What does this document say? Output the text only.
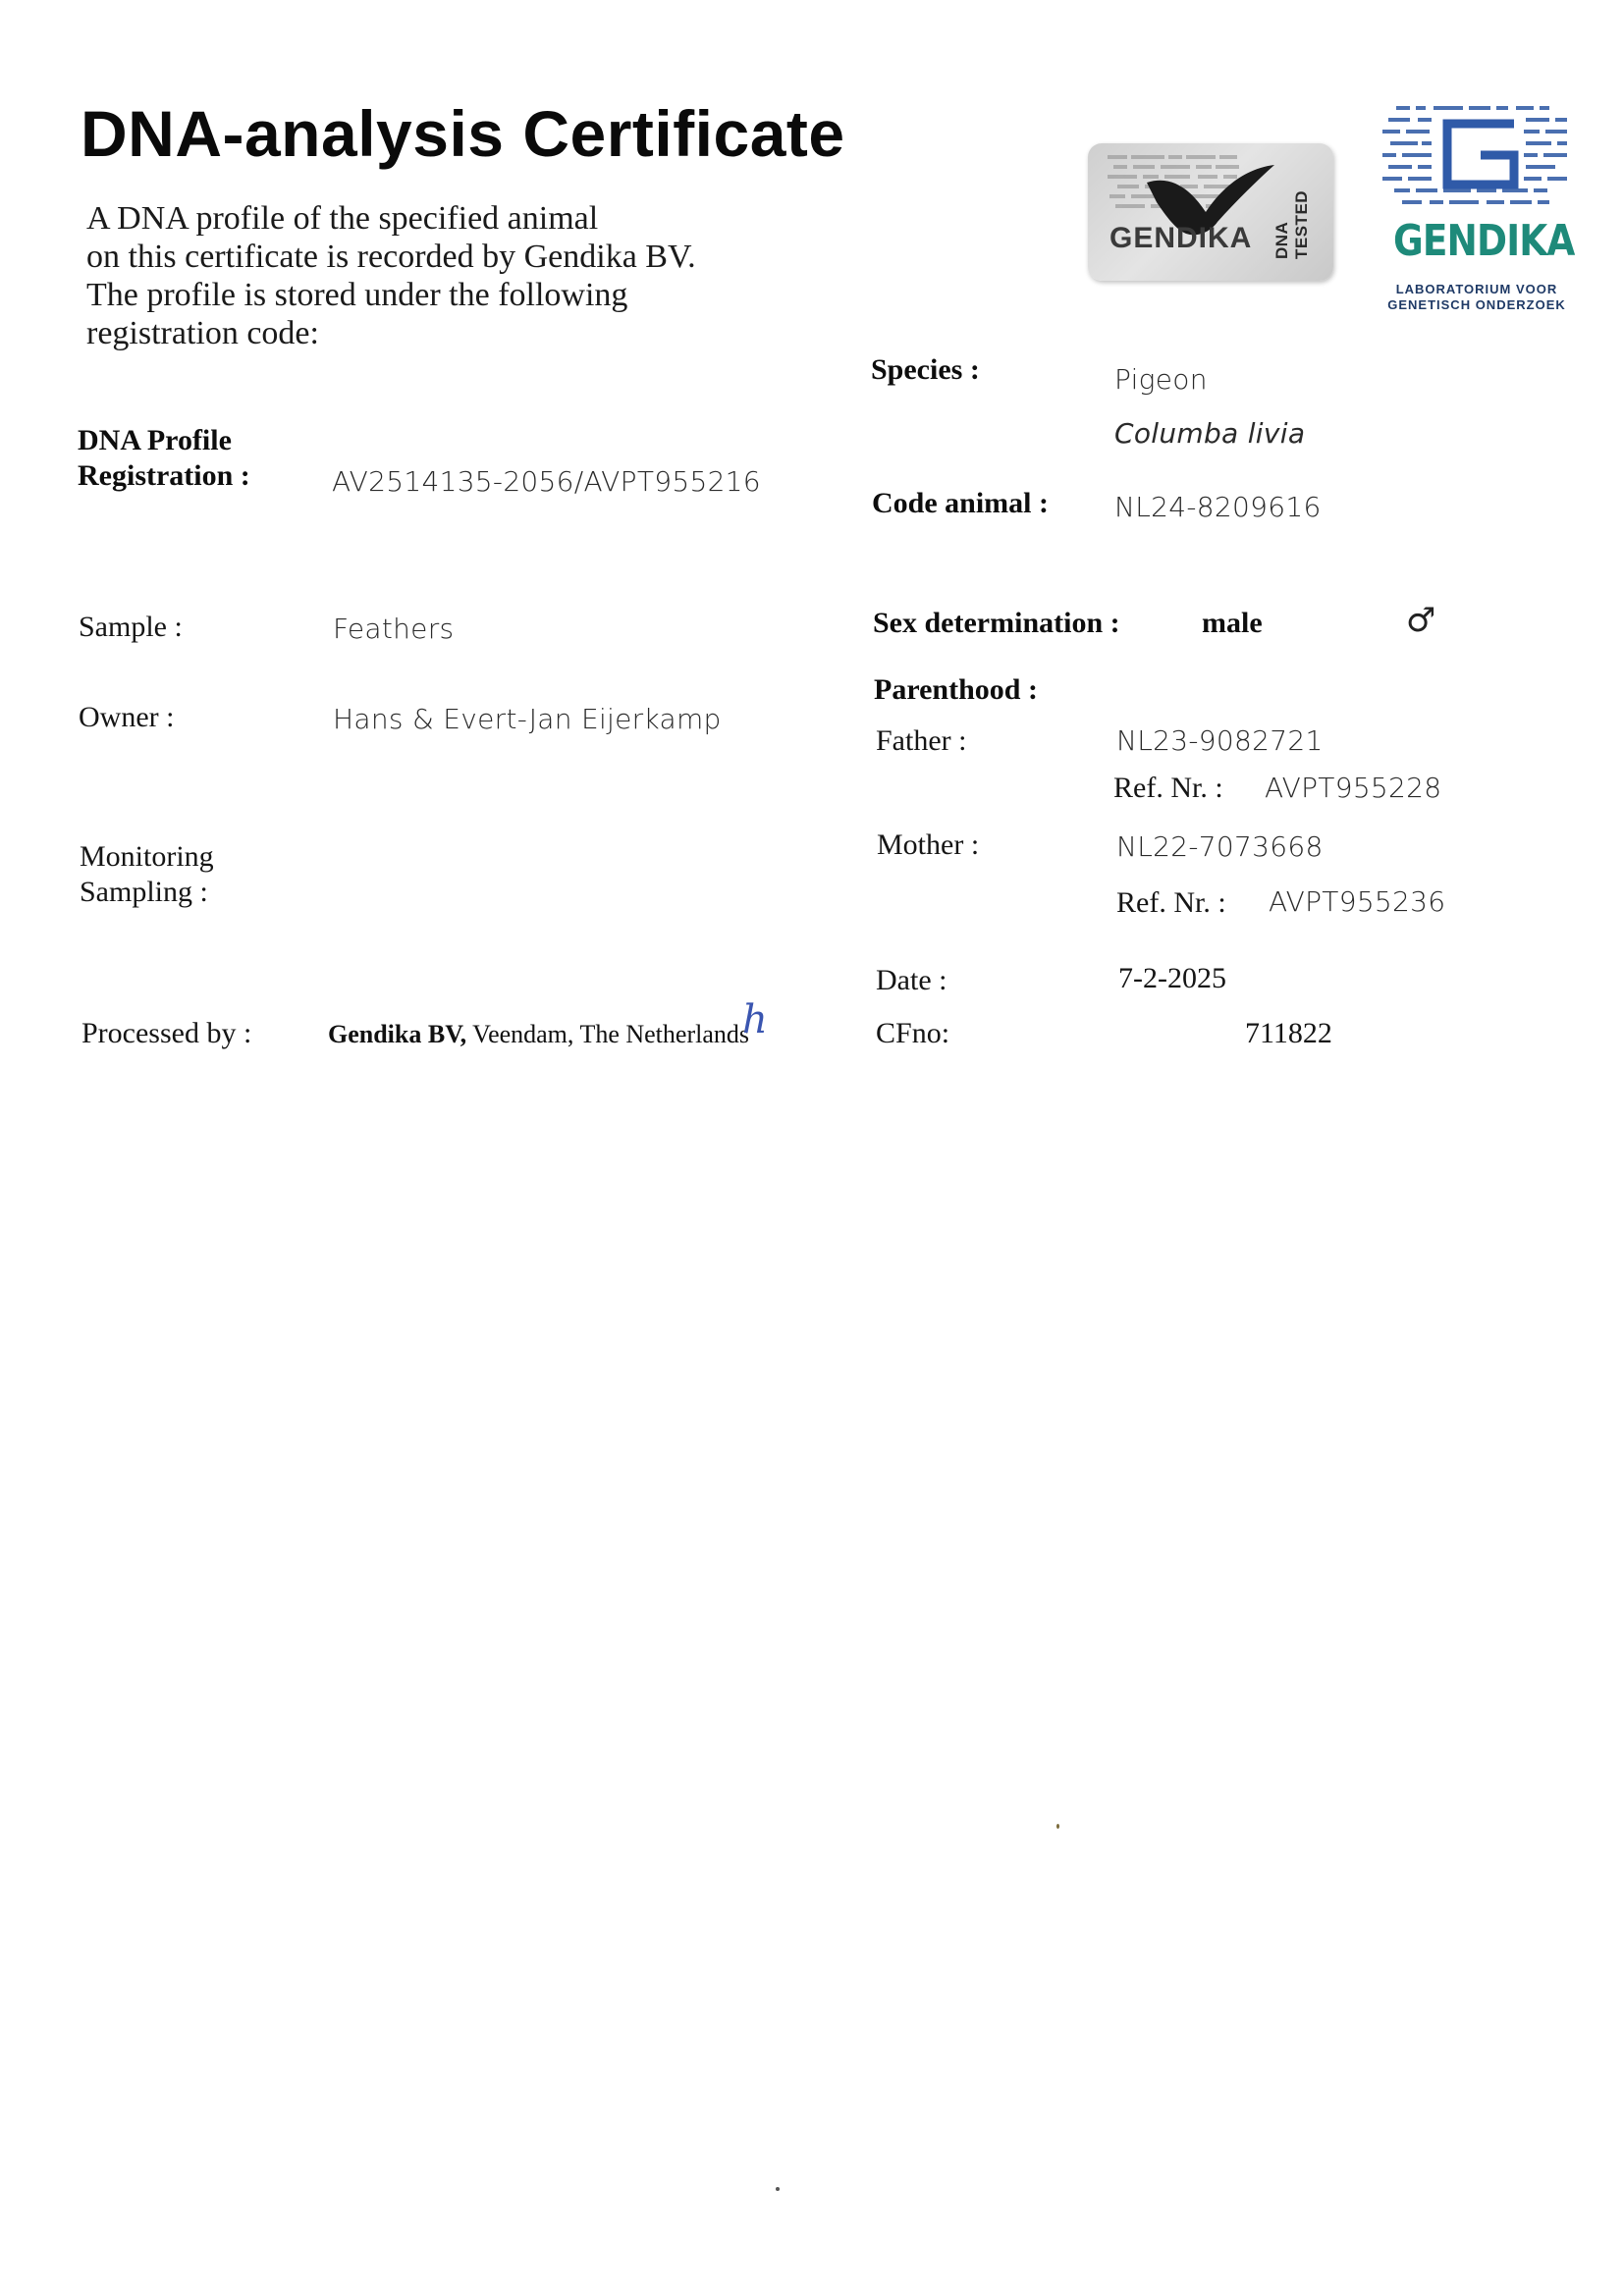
DNA-analysis Certificate
A DNA profile of the specified animal
on this certificate is recorded by Gendika BV.
The profile is stored under the following
registration code:
GENDIKA DNA TESTED GENDIKA
LABORATORIUM VOOR
GENETISCH ONDERZOEK
DNA Profile
Registration :	AV2514135-2056/AVPT955216
Sample :	Feathers
Owner :	Hans & Evert-Jan Eijerkamp
Monitoring
Sampling :
Processed by :	Gendika BV, Veendam, The Netherlands
h
Species :	Pigeon
Columba livia
Code animal : NL24-8209616
Sex determination :	male	♂
Parenthood :
Father :	NL23-9082721
Ref. Nr. : AVPT955228
Mother :	NL22-7073668
Ref. Nr. : AVPT955236
Date :	7-2-2025
CFno:	711822
